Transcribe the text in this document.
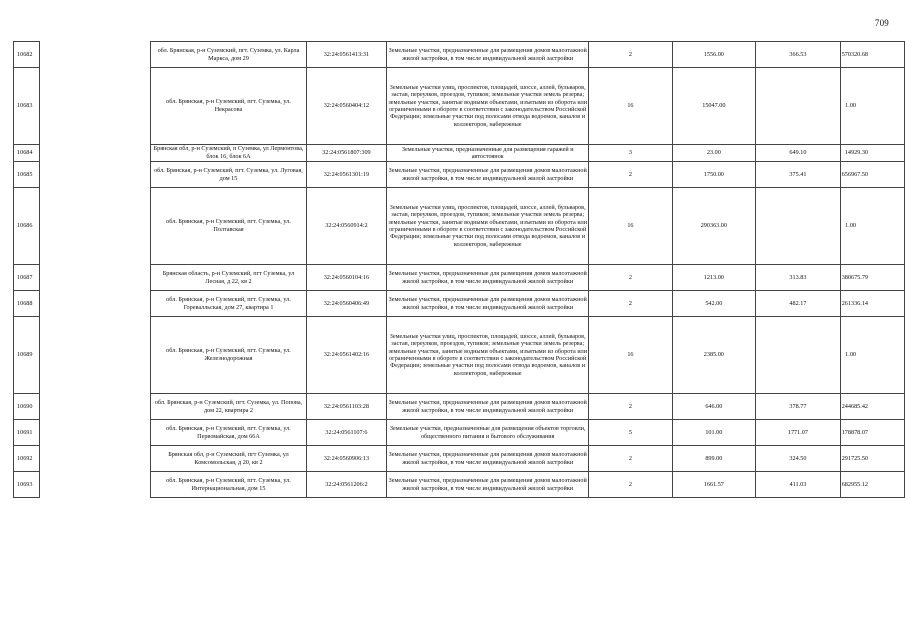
709
10682		обл. Брянская, р-н Суземский, пгт. Суземка, ул. Карла Маркса, дом 29	32:24:0561413:31	Земельные участки, предназначенные для размещения домов малоэтажной жилой застройки, в том числе индивидуальной жилой застройки	2	1556.00	366.53	570320.68
10683		обл. Брянская, р-н Суземский, пгт. Суземка, ул. Некрасова	32:24:0560404:12	Земельные участки улиц, проспектов, площадей, шоссе, аллей, бульваров, застав, переулков, проездов, тупиков; земельные участки земель резерва; земельные участки, занятые водными объектами, изъятыми из оборота или ограниченными в обороте в соответствии с законодательством Российской Федерации; земельные участки под полосами отвода водоемов, каналов и коллекторов, набережные	16	15047.00		1.00
10684		Брянская обл, р-н Суземский, п Суземка, ул Лермонтова, блок 16, блок 6А	32:24:0561807:309	Земельные участки, предназначенные для размещения гаражей и автостоянок	3	23.00	649.10	14929.30
10685		обл. Брянская, р-н Суземский, пгт. Суземка, ул. Луговая, дом 15	32:24:0561301:19	Земельные участки, предназначенные для размещения домов малоэтажной жилой застройки, в том числе индивидуальной жилой застройки	2	1750.00	375.41	656967.50
10686		обл. Брянская, р-н Суземский, пгт. Суземка, ул. Полтавская	32:24:0560914:2	Земельные участки улиц, проспектов, площадей, шоссе, аллей, бульваров, застав, переулков, проездов, тупиков; земельные участки земель резерва; земельные участки, занятые водными объектами, изъятыми из оборота или ограниченными в обороте в соответствии с законодательством Российской Федерации; земельные участки под полосами отвода водоемов, каналов и коллекторов, набережные	16	290363.00		1.00
10687		Брянская область, р-н Суземский, пгт Суземка, ул Лесная, д 22, кв 2	32:24:0560104:16	Земельные участки, предназначенные для размещения домов малоэтажной жилой застройки, в том числе индивидуальной жилой застройки	2	1213.00	313.83	380675.79
10688		обл. Брянская, р-н Суземский, пгт. Суземка, ул. Горевалльская, дом 27, квартира 1	32:24:0560406:49	Земельные участки, предназначенные для размещения домов малоэтажной жилой застройки, в том числе индивидуальной жилой застройки	2	542.00	482.17	261336.14
10689		обл. Брянская, р-н Суземский, пгт. Суземка, ул. Железнодорожная	32:24:0561402:16	Земельные участки улиц, проспектов, площадей, шоссе, аллей, бульваров, застав, переулков, проездов, тупиков; земельные участки земель резерва; земельные участки, занятые водными объектами, изъятыми из оборота или ограниченными в обороте в соответствии с законодательством Российской Федерации; земельные участки под полосами отвода водоемов, каналов и коллекторов, набережные	16	2385.00		1.00
10690		обл. Брянская, р-н Суземский, пгт. Суземка, ул. Попова, дом 22, квартира 2	32:24:0561103:28	Земельные участки, предназначенные для размещения домов малоэтажной жилой застройки, в том числе индивидуальной жилой застройки	2	646.00	378.77	244685.42
10691		обл. Брянская, р-н Суземский, пгт. Суземка, ул. Первомайская, дом 66А	32:24:0561107:6	Земельные участки, предназначенные для размещения объектов торговли, общественного питания и бытового обслуживания	5	101.00	1771.07	178878.07
10692		Брянская обл, р-н Суземский, пгт Суземка, ул Комсомольская, д 20, кв 2	32:24:0560906:13	Земельные участки, предназначенные для размещения домов малоэтажной жилой застройки, в том числе индивидуальной жилой застройки	2	899.00	324.50	291725.50
10693		обл. Брянская, р-н Суземский, пгт. Суземка, ул. Интернациональная, дом 15	32:24:0561206:2	Земельные участки, предназначенные для размещения домов малоэтажной жилой застройки, в том числе индивидуальной жилой застройки	2	1661.57	411.03	682955.12
